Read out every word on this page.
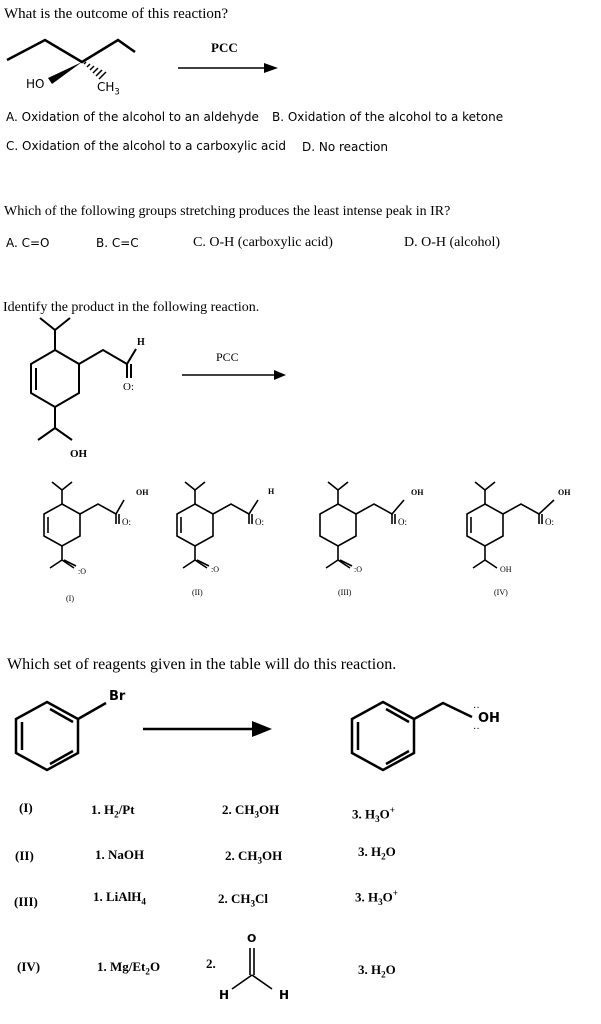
What is the outcome of this reaction?
PCC
HO	$CH_3$
A. Oxidation of the alcohol to an aldehyde B. Oxidation of the alcohol to a ketone
C. Oxidation of the alcohol to a carboxylic acid D. No reaction
Which of the following groups stretching produces the least intense peak in IR?
A. C=O	B. C=C	C. O-H (carboxylic acid)	D. O-H (alcohol)
Identify the product in the following reaction.
H
O:
OH
OH
O:
:O
H
O:
:O
OH
O:
:O
OH
O:
OH
PCC
(I)
(II)	(III)	(IV)
Which set of reagents given in the table will do this reaction.
··
··
Br
OH
(I)	1. $H_2/Pt$	2. $CH_3OH$	3. $H_3O^+$
(II)	1. NaOH	2. $CH_3OH$	3. $H_2O$
(III)	1. LiAlH$_4$	2. $CH_3Cl$	3. $H_3O^+$
(IV)	1. $Mg/Et_2O$	2.	3. $H_2O$
O
H	H
